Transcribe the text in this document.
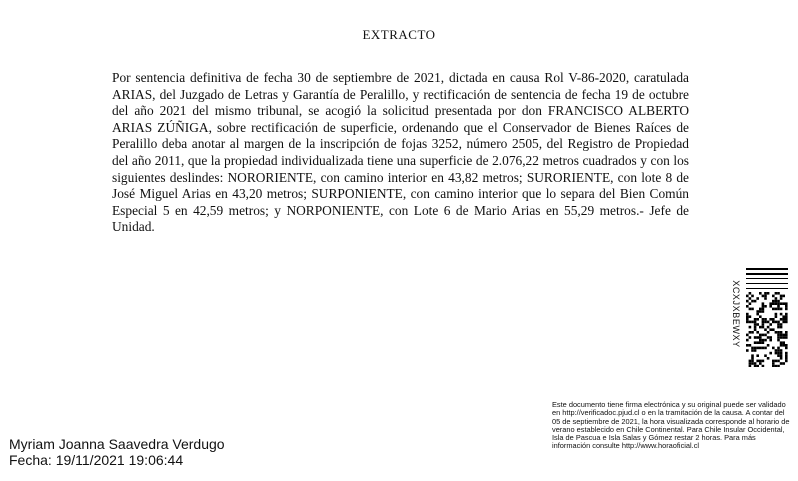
EXTRACTO
Por sentencia definitiva de fecha 30 de septiembre de 2021, dictada en causa Rol V-86-2020, caratulada ARIAS, del Juzgado de Letras y Garantía de Peralillo, y rectificación de sentencia de fecha 19 de octubre del año 2021 del mismo tribunal, se acogió la solicitud presentada por don FRANCISCO ALBERTO ARIAS ZÚÑIGA, sobre rectificación de superficie, ordenando que el Conservador de Bienes Raíces de Peralillo deba anotar al margen de la inscripción de fojas 3252, número 2505, del Registro de Propiedad del año 2011, que la propiedad individualizada tiene una superficie de 2.076,22 metros cuadrados y con los siguientes deslindes: NORORIENTE, con camino interior en 43,82 metros; SURORIENTE, con lote 8 de José Miguel Arias en 43,20 metros; SURPONIENTE, con camino interior que lo separa del Bien Común Especial 5 en 42,59 metros; y NORPONIENTE, con Lote 6 de Mario Arias en 55,29 metros.- Jefe de Unidad.
XCXJXBEWXY
Este documento tiene firma electrónica y su original puede ser validado en http://verificadoc.pjud.cl o en la tramitación de la causa. A contar del 05 de septiembre de 2021, la hora visualizada corresponde al horario de verano establecido en Chile Continental. Para Chile Insular Occidental, Isla de Pascua e Isla Salas y Gómez restar 2 horas. Para más información consulte http://www.horaoficial.cl
Myriam Joanna Saavedra Verdugo
Fecha: 19/11/2021 19:06:44
